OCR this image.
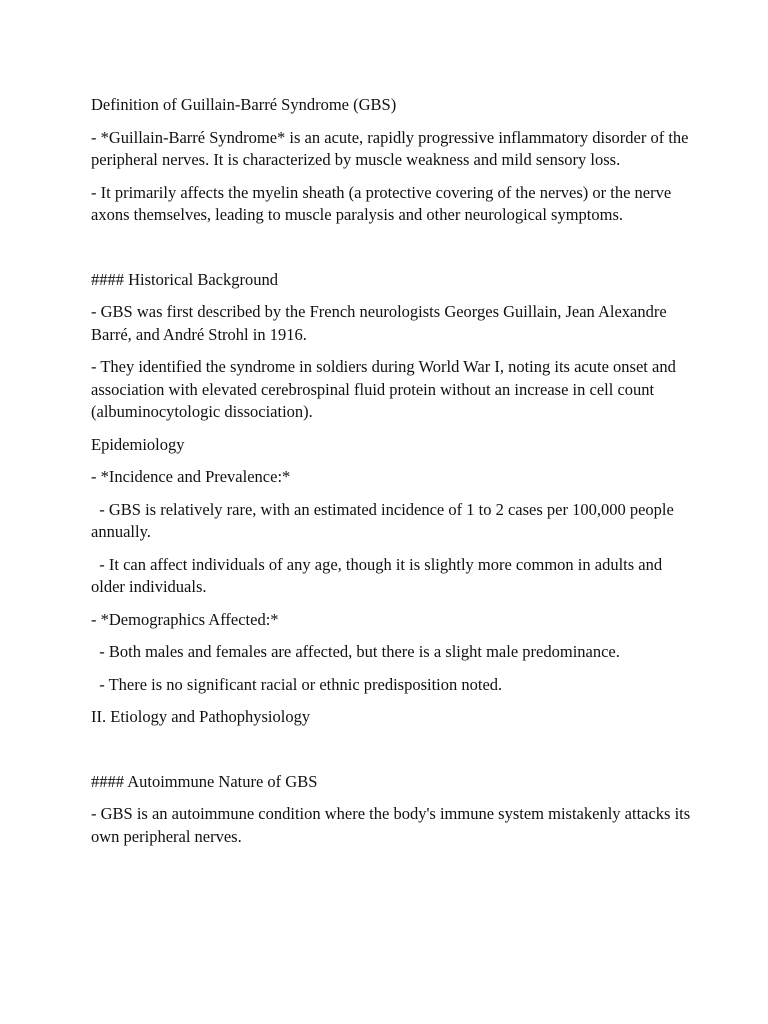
Definition of Guillain-Barré Syndrome (GBS)

- *Guillain-Barré Syndrome* is an acute, rapidly progressive inflammatory disorder of the peripheral nerves. It is characterized by muscle weakness and mild sensory loss.

- It primarily affects the myelin sheath (a protective covering of the nerves) or the nerve axons themselves, leading to muscle paralysis and other neurological symptoms.

#### Historical Background

- GBS was first described by the French neurologists Georges Guillain, Jean Alexandre Barré, and André Strohl in 1916.

- They identified the syndrome in soldiers during World War I, noting its acute onset and association with elevated cerebrospinal fluid protein without an increase in cell count (albuminocytologic dissociation).

Epidemiology

- *Incidence and Prevalence:*

- GBS is relatively rare, with an estimated incidence of 1 to 2 cases per 100,000 people annually.

- It can affect individuals of any age, though it is slightly more common in adults and older individuals.

- *Demographics Affected:*

- Both males and females are affected, but there is a slight male predominance.

- There is no significant racial or ethnic predisposition noted.

II. Etiology and Pathophysiology

#### Autoimmune Nature of GBS

- GBS is an autoimmune condition where the body's immune system mistakenly attacks its own peripheral nerves.
